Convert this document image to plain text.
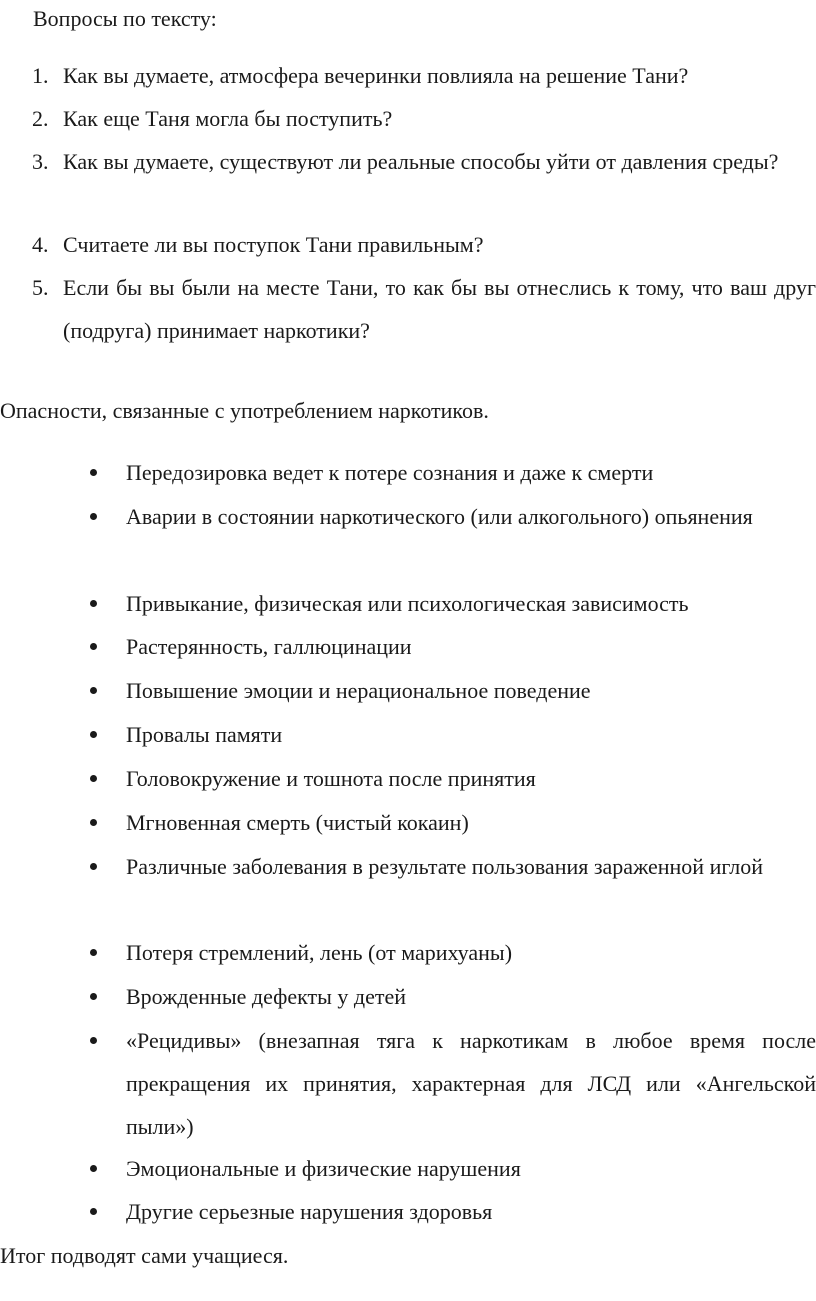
Вопросы по тексту:
1. Как вы думаете, атмосфера вечеринки повлияла на решение Тани?
2. Как еще Таня могла бы поступить?
3. Как вы думаете, существуют ли реальные способы уйти от давления среды?
4. Считаете ли вы поступок Тани правильным?
5. Если бы вы были на месте Тани, то как бы вы отнеслись к тому, что ваш друг (подруга) принимает наркотики?
Опасности, связанные с употреблением наркотиков.
Передозировка ведет к потере сознания и даже к смерти
Аварии в состоянии наркотического (или алкогольного) опьянения
Привыкание, физическая или психологическая зависимость
Растерянность, галлюцинации
Повышение эмоции и нерациональное поведение
Провалы памяти
Головокружение и тошнота после принятия
Мгновенная смерть (чистый кокаин)
Различные заболевания в результате пользования зараженной иглой
Потеря стремлений, лень (от марихуаны)
Врожденные дефекты у детей
«Рецидивы» (внезапная тяга к наркотикам в любое время после прекращения их принятия, характерная для ЛСД или «Ангельской пыли»)
Эмоциональные и физические нарушения
Другие серьезные нарушения здоровья
Итог подводят сами учащиеся.
